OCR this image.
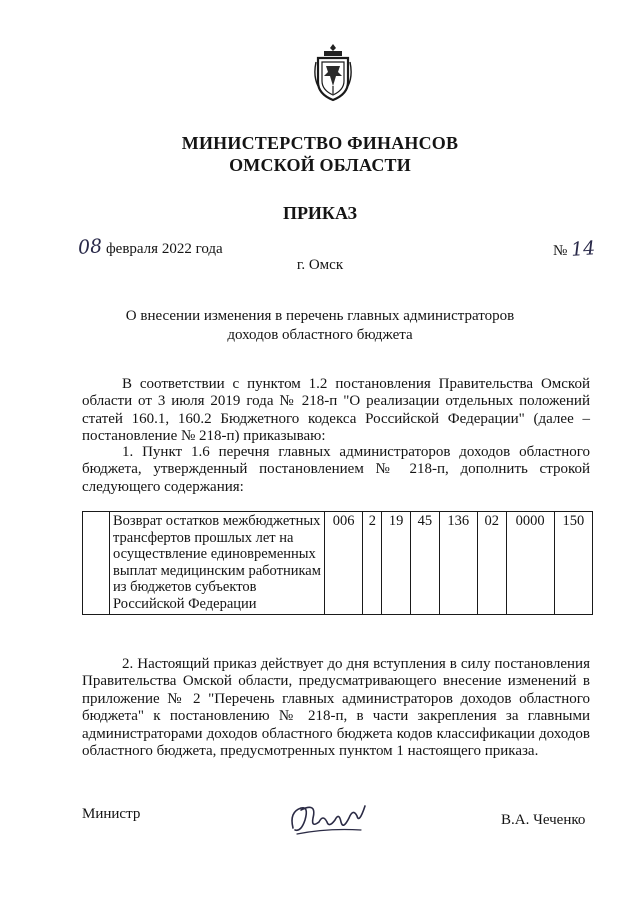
МИНИСТЕРСТВО ФИНАНСОВ
ОМСКОЙ ОБЛАСТИ
ПРИКАЗ
08 февраля 2022 года	№ 14
г. Омск
О внесении изменения в перечень главных администраторов
доходов областного бюджета
В соответствии с пунктом 1.2 постановления Правительства Омской области от 3 июля 2019 года № 218-п "О реализации отдельных положений статей 160.1, 160.2 Бюджетного кодекса Российской Федерации" (далее – постановление № 218-п) приказываю:
1. Пункт 1.6 перечня главных администраторов доходов областного бюджета, утвержденный постановлением № 218-п, дополнить строкой следующего содержания:
	Возврат остатков межбюджетных трансфертов прошлых лет на осуществление единовременных выплат медицинским работникам из бюджетов субъектов Российской Федерации	006	2	19	45	136	02	0000	150
2. Настоящий приказ действует до дня вступления в силу постановления Правительства Омской области, предусматривающего внесение изменений в приложение № 2 "Перечень главных администраторов доходов областного бюджета" к постановлению № 218-п, в части закрепления за главными администраторами доходов областного бюджета кодов классификации доходов областного бюджета, предусмотренных пунктом 1 настоящего приказа.
Министр	В.А. Чеченко
